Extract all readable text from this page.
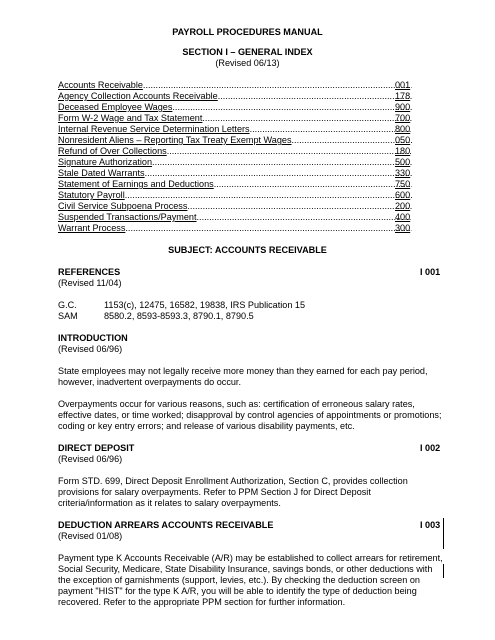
PAYROLL PROCEDURES MANUAL
SECTION I – GENERAL INDEX
(Revised 06/13)
Accounts Receivable .....	001
Agency Collection Accounts Receivable .....	178
Deceased Employee Wages .....	900
Form W-2 Wage and Tax Statement .....	700
Internal Revenue Service Determination Letters .....	800
Nonresident Aliens – Reporting Tax Treaty Exempt Wages .....	050
Refund of Over Collections .....	180
Signature Authorization .....	500
Stale Dated Warrants .....	330
Statement of Earnings and Deductions .....	750
Statutory Payroll .....	600
Civil Service Subpoena Process .....	200
Suspended Transactions/Payment .....	400
Warrant Process .....	300
SUBJECT: ACCOUNTS RECEIVABLE
REFERENCES	I 001
(Revised 11/04)
G.C.	1153(c), 12475, 16582, 19838, IRS Publication 15
SAM	8580.2, 8593-8593.3, 8790.1, 8790.5
INTRODUCTION
(Revised 06/96)
State employees may not legally receive more money than they earned for each pay period, however, inadvertent overpayments do occur.
Overpayments occur for various reasons, such as: certification of erroneous salary rates, effective dates, or time worked; disapproval by control agencies of appointments or promotions; coding or key entry errors; and release of various disability payments, etc.
DIRECT DEPOSIT	I 002
(Revised 06/96)
Form STD. 699, Direct Deposit Enrollment Authorization, Section C, provides collection provisions for salary overpayments. Refer to PPM Section J for Direct Deposit criteria/information as it relates to salary overpayments.
DEDUCTION ARREARS ACCOUNTS RECEIVABLE	I 003
(Revised 01/08)
Payment type K Accounts Receivable (A/R) may be established to collect arrears for retirement, Social Security, Medicare, State Disability Insurance, savings bonds, or other deductions with the exception of garnishments (support, levies, etc.). By checking the deduction screen on payment "HIST" for the type K A/R, you will be able to identify the type of deduction being recovered. Refer to the appropriate PPM section for further information.
